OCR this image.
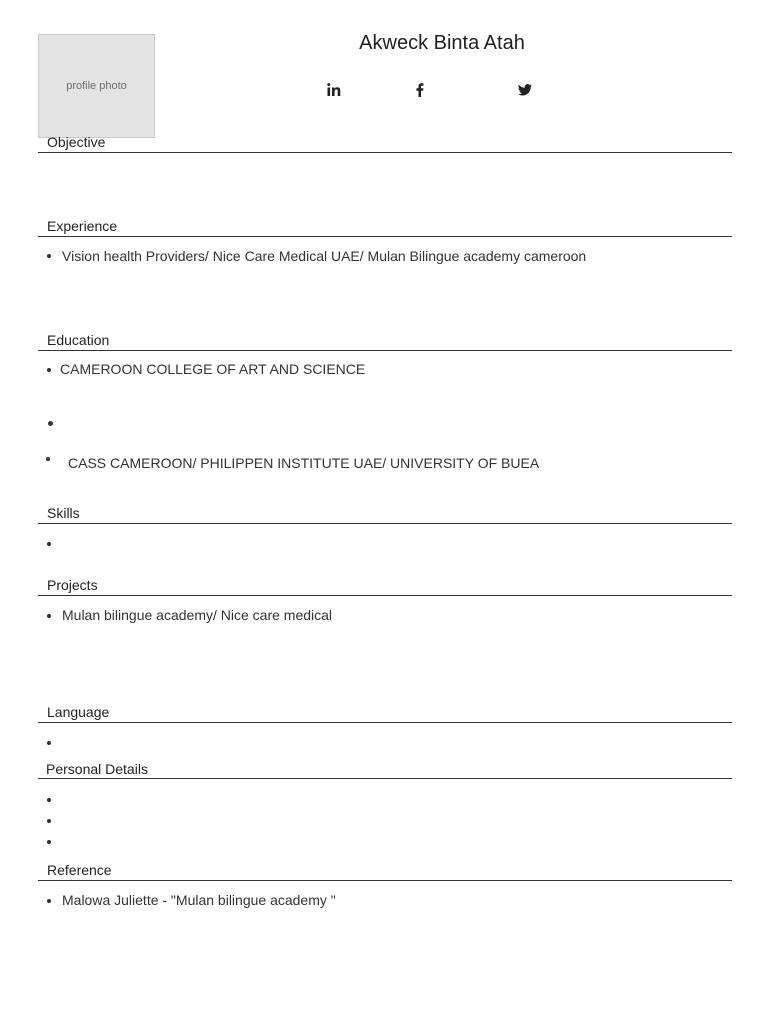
profile photo
Akweck Binta Atah
Objective
Experience
Vision health Providers/ Nice Care Medical UAE/ Mulan Bilingue academy cameroon
Education
CAMEROON COLLEGE OF ART AND SCIENCE
CASS CAMEROON/ PHILIPPEN INSTITUTE UAE/ UNIVERSITY OF BUEA
Skills
Projects
Mulan bilingue academy/ Nice care medical
Language
Personal Details
Reference
Malowa Juliette - "Mulan bilingue academy "
